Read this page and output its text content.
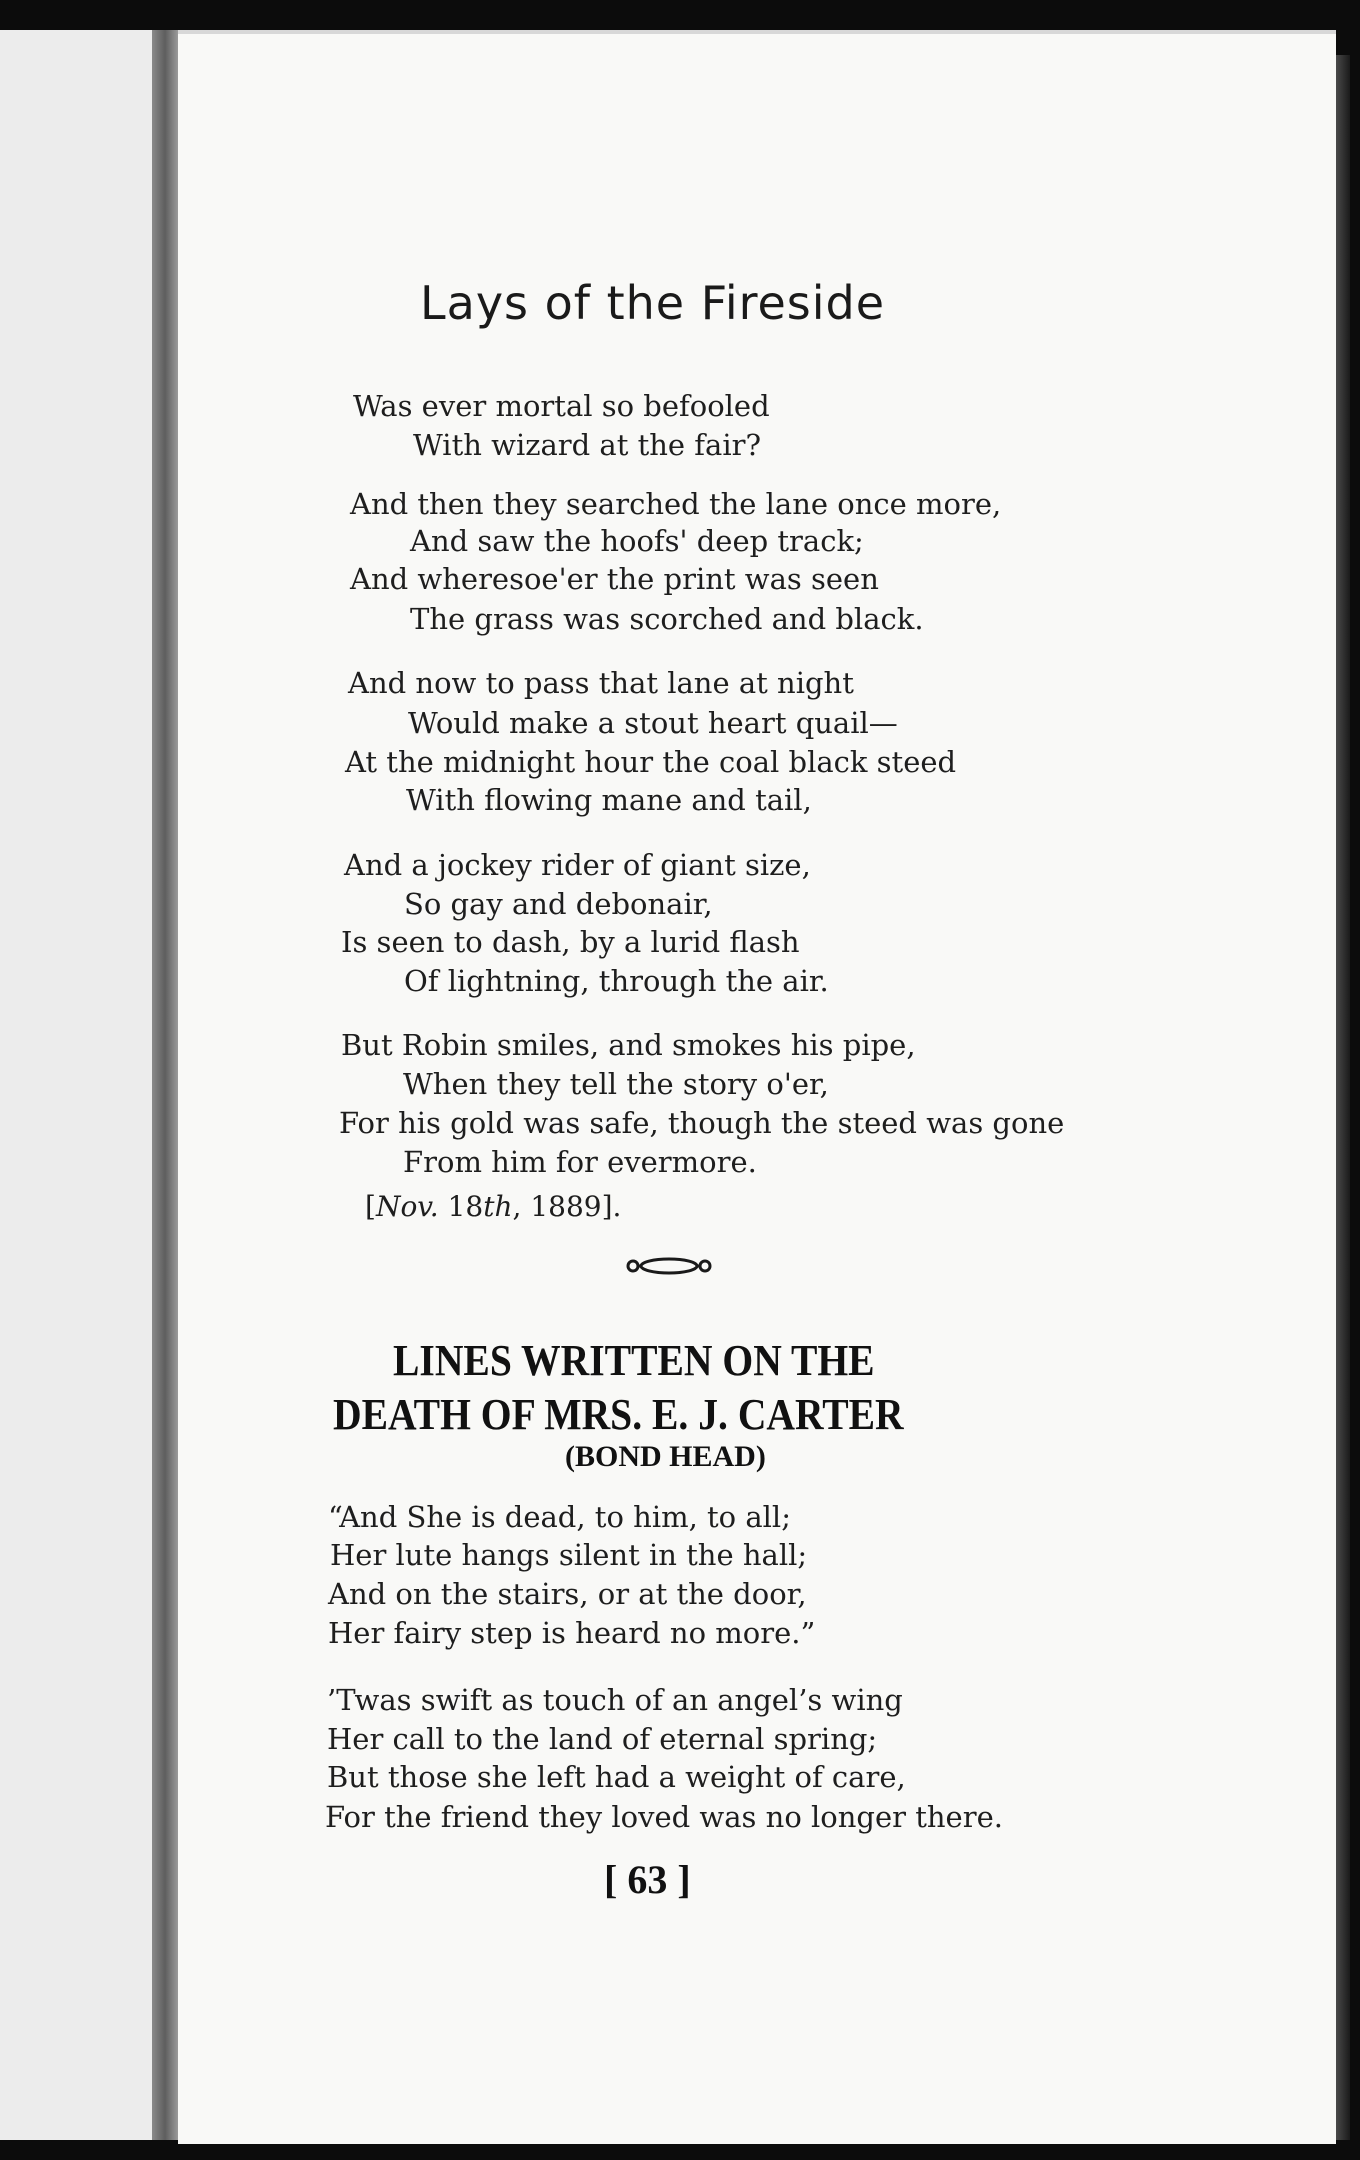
Lays of the Fireside
Was ever mortal so befooled
With wizard at the fair?
And then they searched the lane once more,
And saw the hoofs' deep track;
And wheresoe'er the print was seen
The grass was scorched and black.
And now to pass that lane at night
Would make a stout heart quail—
At the midnight hour the coal black steed
With flowing mane and tail,
And a jockey rider of giant size,
So gay and debonair,
Is seen to dash, by a lurid flash
Of lightning, through the air.
But Robin smiles, and smokes his pipe,
When they tell the story o'er,
For his gold was safe, though the steed was gone
From him for evermore.
[Nov. 18th, 1889].
LINES WRITTEN ON THE
DEATH OF MRS. E. J. CARTER
(BOND HEAD)
“And She is dead, to him, to all;
Her lute hangs silent in the hall;
And on the stairs, or at the door,
Her fairy step is heard no more.”
’Twas swift as touch of an angel’s wing
Her call to the land of eternal spring;
But those she left had a weight of care,
For the friend they loved was no longer there.
[ 63 ]
